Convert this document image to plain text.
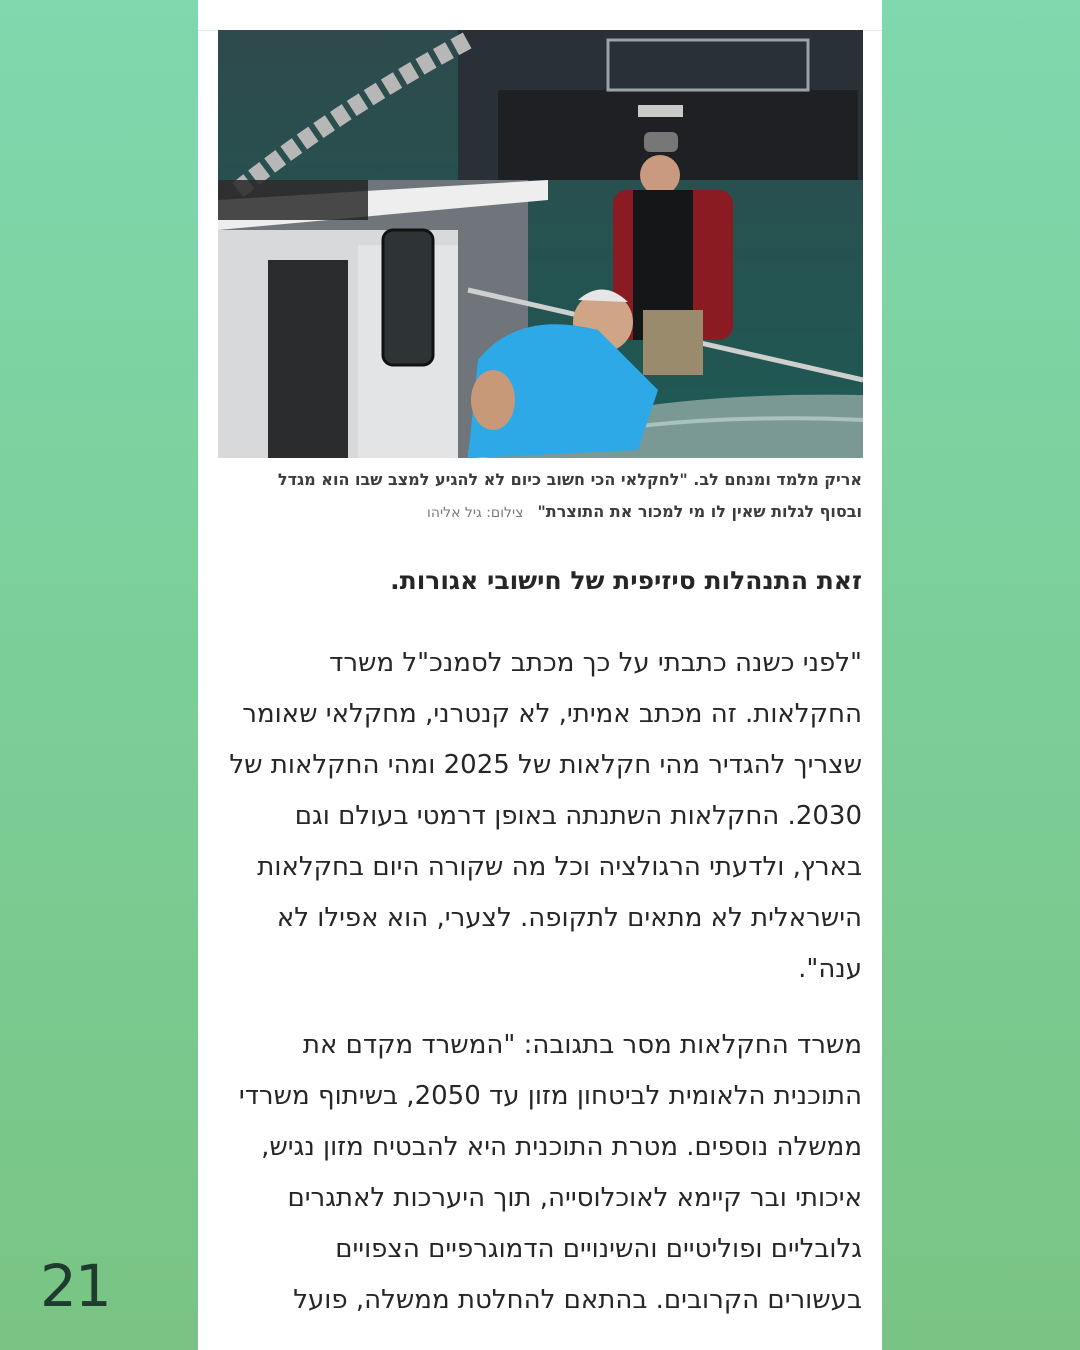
אריק מלמד ומנחם לב. "לחקלאי הכי חשוב כיום לא להגיע למצב שבו הוא מגדל
ובסוף לגלות שאין לו מי למכור את התוצרת"צילום: גיל אליהו
זאת התנהלות סיזיפית של חישובי אגורות.
"לפני כשנה כתבתי על כך מכתב לסמנכ"ל משרד
החקלאות. זה מכתב אמיתי, לא קנטרני, מחקלאי שאומר
שצריך להגדיר מהי חקלאות של 2025 ומהי החקלאות של
2030. החקלאות השתנתה באופן דרמטי בעולם וגם
בארץ, ולדעתי הרגולציה וכל מה שקורה היום בחקלאות
הישראלית לא מתאים לתקופה. לצערי, הוא אפילו לא
ענה".
משרד החקלאות מסר בתגובה: "המשרד מקדם את
התוכנית הלאומית לביטחון מזון עד 2050, בשיתוף משרדי
ממשלה נוספים. מטרת התוכנית היא להבטיח מזון נגיש,
איכותי ובר קיימא לאוכלוסייה, תוך היערכות לאתגרים
גלובליים ופוליטיים והשינויים הדמוגרפיים הצפויים
בעשורים הקרובים. בהתאם להחלטת ממשלה, פועל
21
